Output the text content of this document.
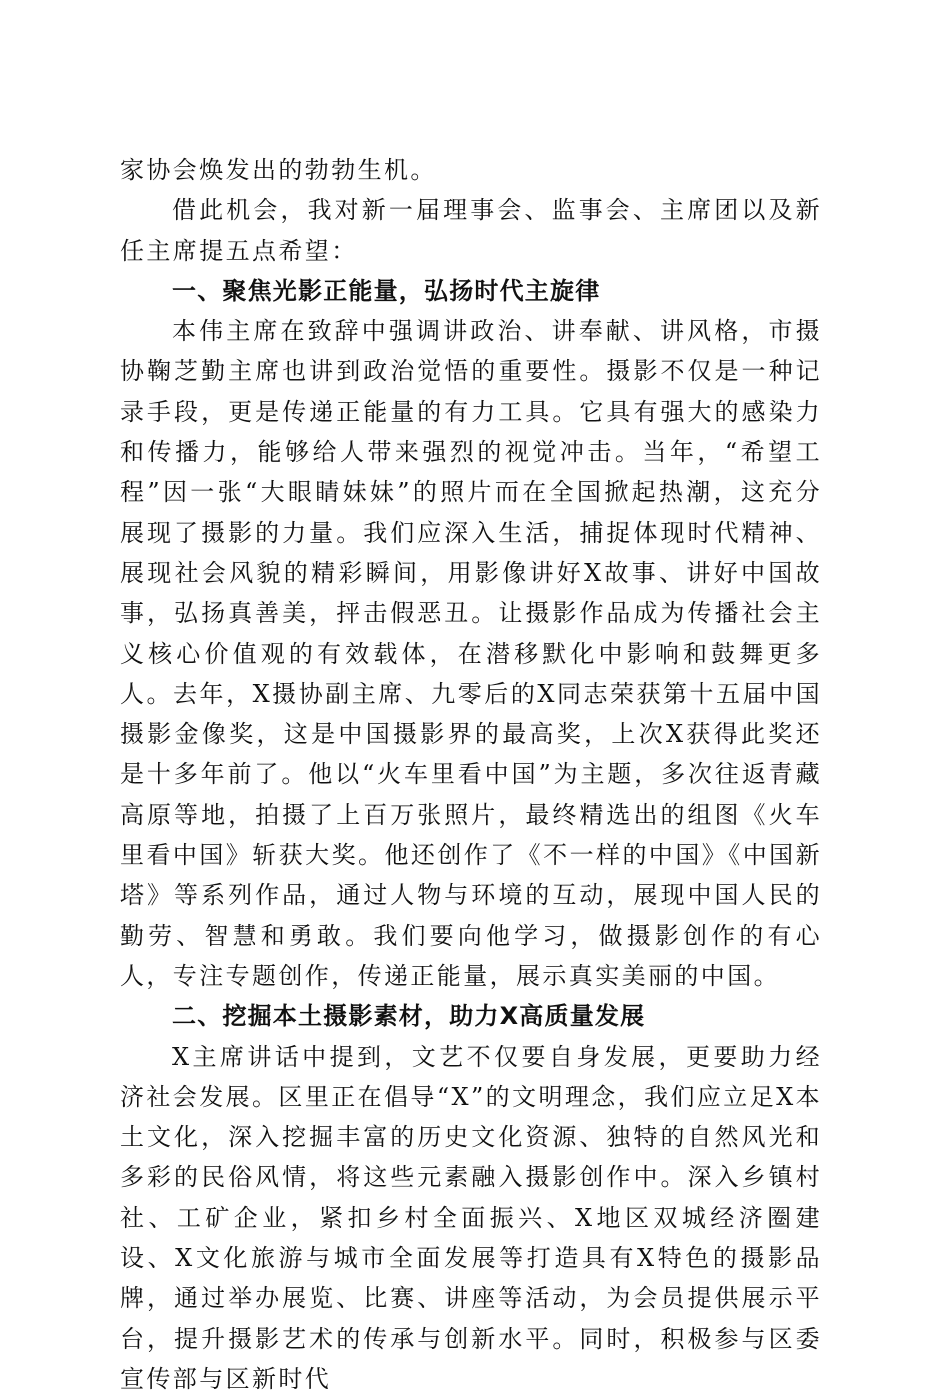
家协会焕发出的勃勃生机。

借此机会，我对新一届理事会、监事会、主席团以及新任主席提五点希望：

一、聚焦光影正能量，弘扬时代主旋律

本伟主席在致辞中强调讲政治、讲奉献、讲风格，市摄协鞠芝勤主席也讲到政治觉悟的重要性。摄影不仅是一种记录手段，更是传递正能量的有力工具。它具有强大的感染力和传播力，能够给人带来强烈的视觉冲击。当年，“希望工程”因一张“大眼睛妹妹”的照片而在全国掀起热潮，这充分展现了摄影的力量。我们应深入生活，捕捉体现时代精神、展现社会风貌的精彩瞬间，用影像讲好X故事、讲好中国故事，弘扬真善美，抨击假恶丑。让摄影作品成为传播社会主义核心价值观的有效载体，在潜移默化中影响和鼓舞更多人。去年，X摄协副主席、九零后的X同志荣获第十五届中国摄影金像奖，这是中国摄影界的最高奖，上次X获得此奖还是十多年前了。他以“火车里看中国”为主题，多次往返青藏高原等地，拍摄了上百万张照片，最终精选出的组图《火车里看中国》斩获大奖。他还创作了《不一样的中国》《中国新塔》等系列作品，通过人物与环境的互动，展现中国人民的勤劳、智慧和勇敢。我们要向他学习，做摄影创作的有心人，专注专题创作，传递正能量，展示真实美丽的中国。

二、挖掘本土摄影素材，助力X高质量发展

X主席讲话中提到，文艺不仅要自身发展，更要助力经济社会发展。区里正在倡导“X”的文明理念，我们应立足X本土文化，深入挖掘丰富的历史文化资源、独特的自然风光和多彩的民俗风情，将这些元素融入摄影创作中。深入乡镇村社、工矿企业，紧扣乡村全面振兴、X地区双城经济圈建设、X文化旅游与城市全面发展等打造具有X特色的摄影品牌，通过举办展览、比赛、讲座等活动，为会员提供展示平台，提升摄影艺术的传承与创新水平。同时，积极参与区委宣传部与区新时代
